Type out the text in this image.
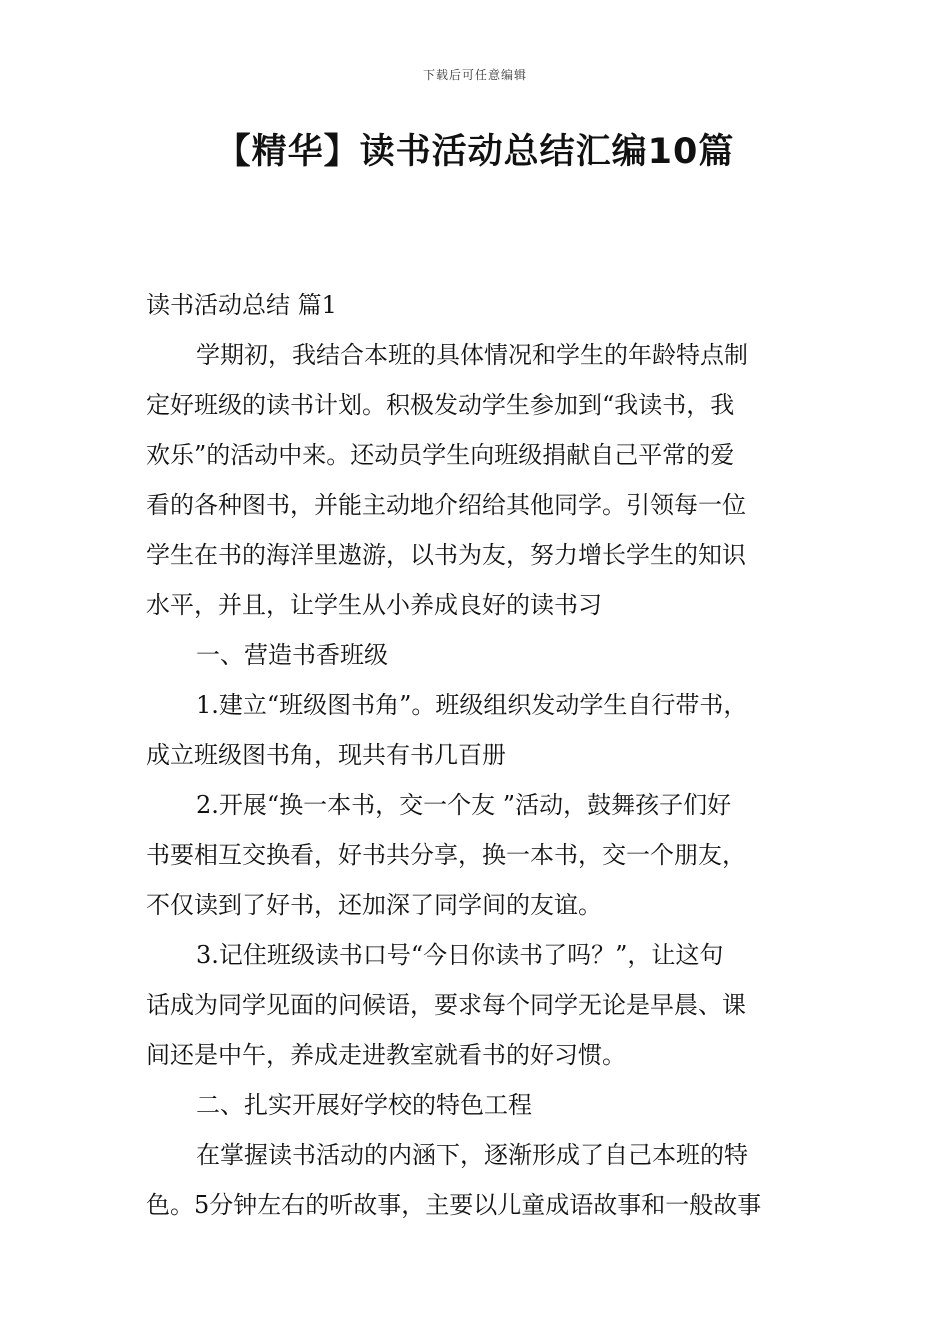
下载后可任意编辑
【精华】读书活动总结汇编10篇
读书活动总结 篇1
学期初，我结合本班的具体情况和学生的年龄特点制
定好班级的读书计划。积极发动学生参加到“我读书，我
欢乐”的活动中来。还动员学生向班级捐献自己平常的爱
看的各种图书，并能主动地介绍给其他同学。引领每一位
学生在书的海洋里遨游，以书为友，努力增长学生的知识
水平，并且，让学生从小养成良好的读书习
一、营造书香班级
1.建立“班级图书角”。班级组织发动学生自行带书，
成立班级图书角，现共有书几百册
2.开展“换一本书，交一个友 ”活动，鼓舞孩子们好
书要相互交换看，好书共分享，换一本书，交一个朋友，
不仅读到了好书，还加深了同学间的友谊。
3.记住班级读书口号“今日你读书了吗？”，让这句
话成为同学见面的问候语，要求每个同学无论是早晨、课
间还是中午，养成走进教室就看书的好习惯。
二、扎实开展好学校的特色工程
在掌握读书活动的内涵下，逐渐形成了自己本班的特
色。5分钟左右的听故事，主要以儿童成语故事和一般故事
